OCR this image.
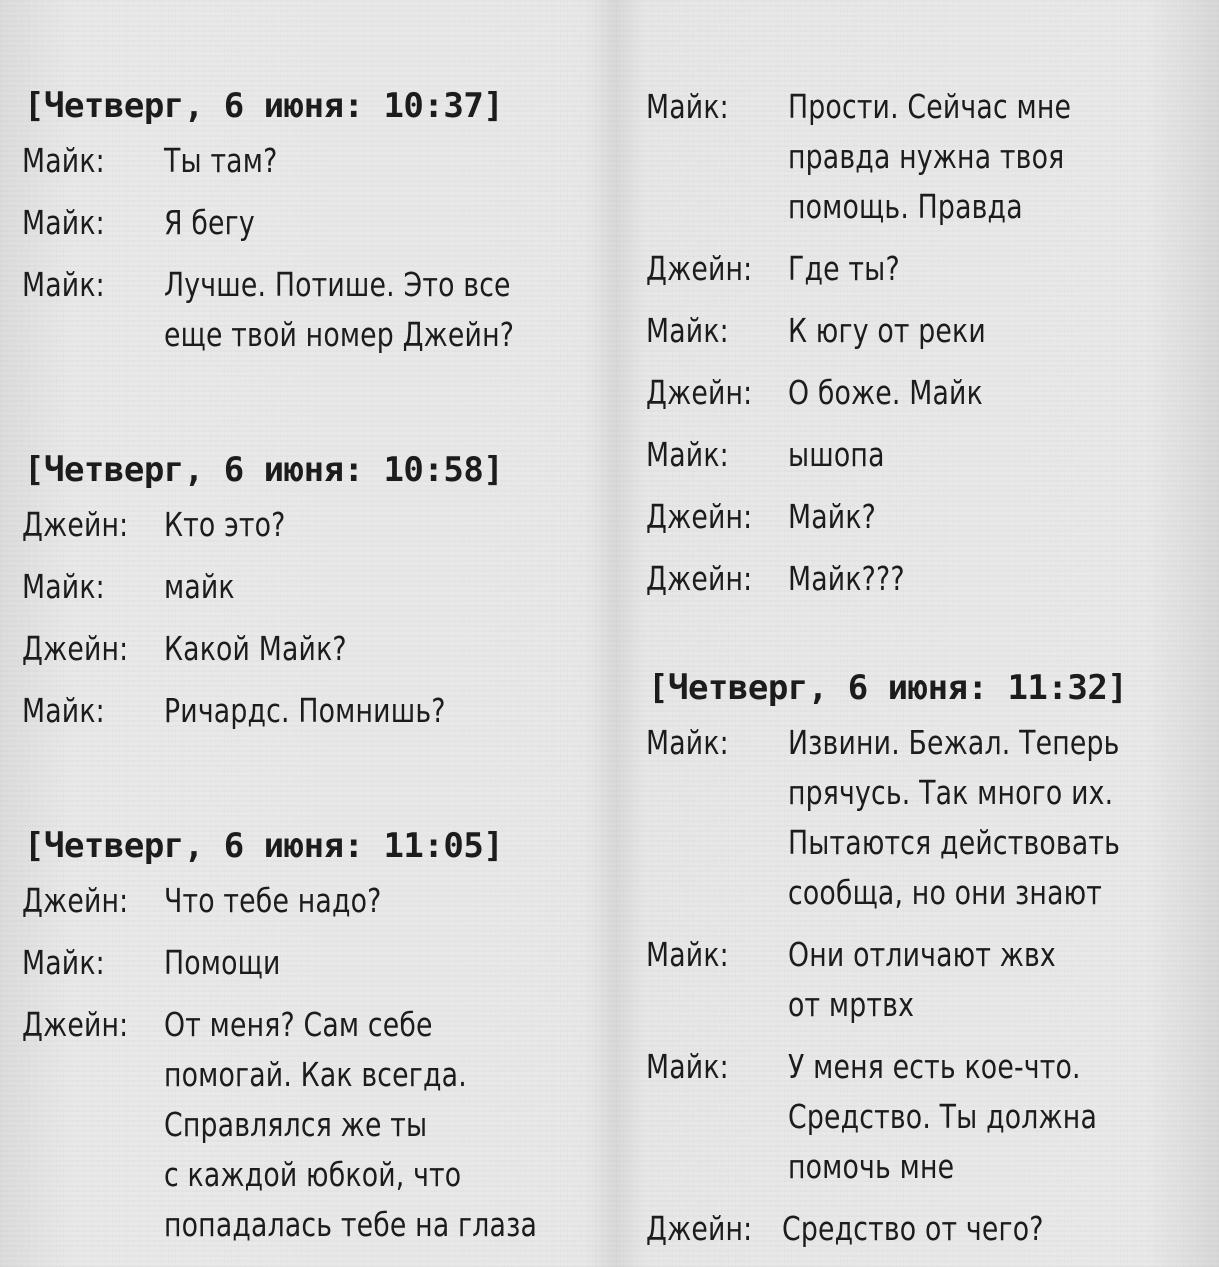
[Четверг, 6 июня: 10:37]
Майк: Ты там?
Майк: Я бегу
Майк: Лучше. Потише. Это все
еще твой номер Джейн?
[Четверг, 6 июня: 10:58]
Джейн: Кто это?
Майк: майк
Джейн: Какой Майк?
Майк: Ричардс. Помнишь?
[Четверг, 6 июня: 11:05]
Джейн: Что тебе надо?
Майк: Помощи
Джейн: От меня? Сам себе
помогай. Как всегда.
Справлялся же ты
с каждой юбкой, что
попадалась тебе на глаза
Майк: Прости. Сейчас мне
правда нужна твоя
помощь. Правда
Джейн: Где ты?
Майк: К югу от реки
Джейн: О боже. Майк
Майк: ышопа
Джейн: Майк?
Джейн: Майк???
[Четверг, 6 июня: 11:32]
Майк: Извини. Бежал. Теперь
прячусь. Так много их.
Пытаются действовать
сообща, но они знают
Майк: Они отличают жвх
от мртвх
Майк: У меня есть кое-что.
Средство. Ты должна
помочь мне
Джейн: Средство от чего?
